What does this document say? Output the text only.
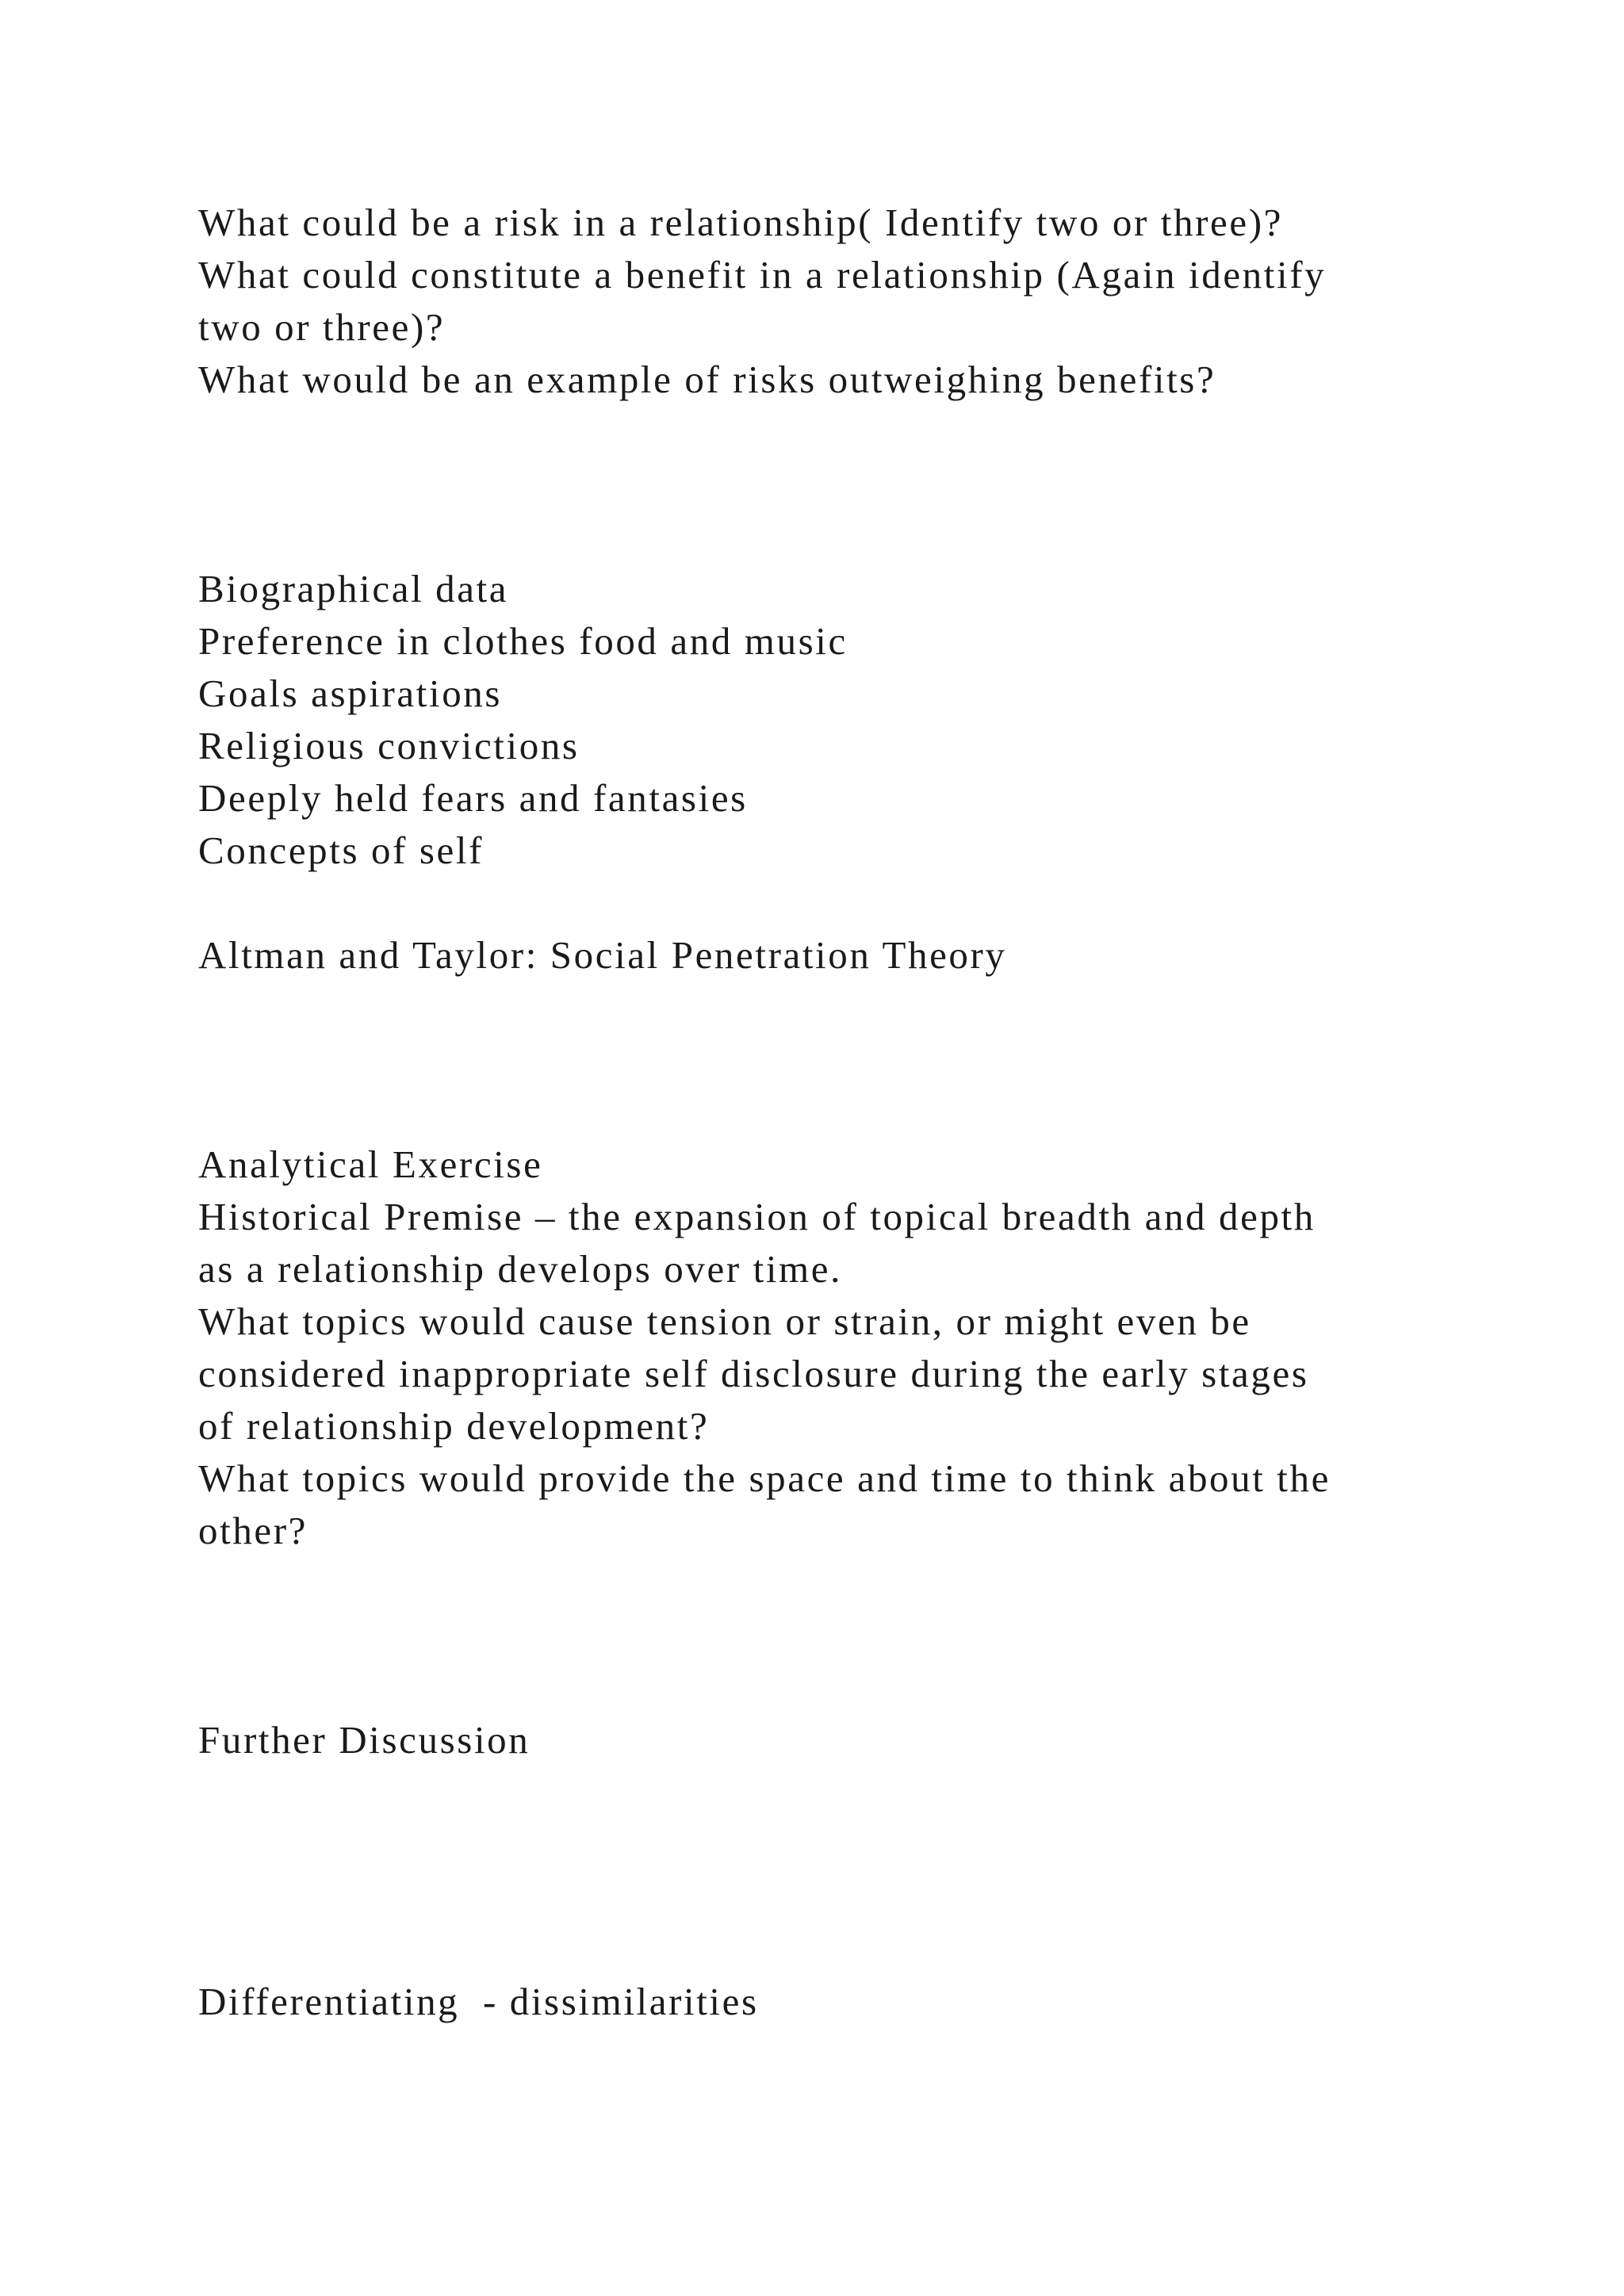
What could be a risk in a relationship( Identify two or three)?

What could constitute a benefit in a relationship (Again identify

two or three)?

What would be an example of risks outweighing benefits?

Biographical data

Preference in clothes food and music

Goals aspirations

Religious convictions

Deeply held fears and fantasies

Concepts of self

Altman and Taylor: Social Penetration Theory

Analytical Exercise

Historical Premise – the expansion of topical breadth and depth

as a relationship develops over time.

What topics would cause tension or strain, or might even be

considered inappropriate self disclosure during the early stages

of relationship development?

What topics would provide the space and time to think about the

other?

Further Discussion

Differentiating  - dissimilarities
